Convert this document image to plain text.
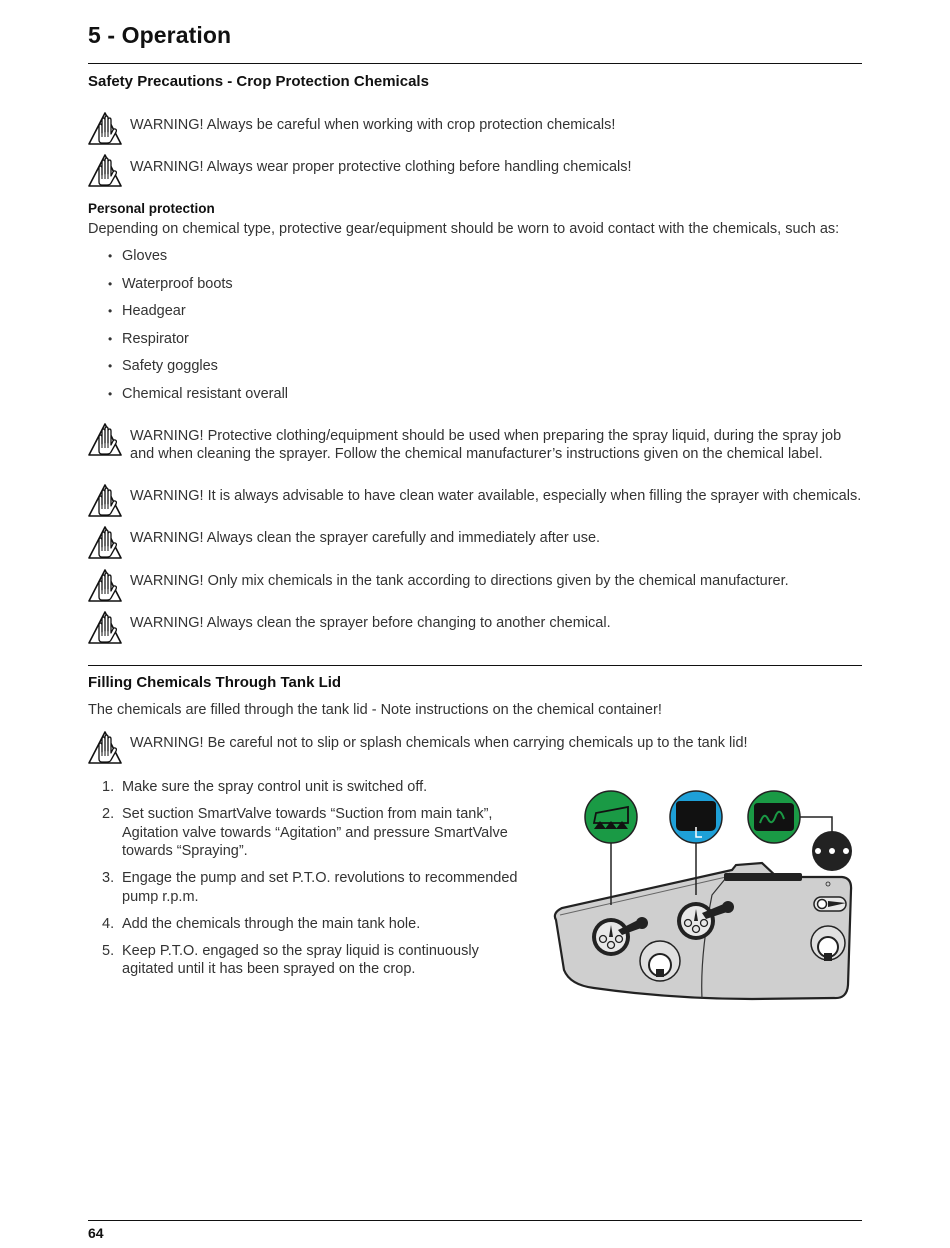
5 - Operation
Safety Precautions - Crop Protection Chemicals
WARNING! Always be careful when working with crop protection chemicals!
WARNING! Always wear proper protective clothing before handling chemicals!
Personal protection
Depending on chemical type, protective gear/equipment should be worn to avoid contact with the chemicals, such as:
• Gloves
• Waterproof boots
• Headgear
• Respirator
• Safety goggles
• Chemical resistant overall
WARNING! Protective clothing/equipment should be used when preparing the spray liquid, during the spray job and when cleaning the sprayer. Follow the chemical manufacturer’s instructions given on the chemical label.
WARNING! It is always advisable to have clean water available, especially when filling the sprayer with chemicals.
WARNING! Always clean the sprayer carefully and immediately after use.
WARNING! Only mix chemicals in the tank according to directions given by the chemical manufacturer.
WARNING! Always clean the sprayer before changing to another chemical.
Filling Chemicals Through Tank Lid
The chemicals are filled through the tank lid - Note instructions on the chemical container!
WARNING! Be careful not to slip or splash chemicals when carrying chemicals up to the tank lid!
1. Make sure the spray control unit is switched off.
2. Set suction SmartValve towards “Suction from main tank”, Agitation valve towards “Agitation” and pressure SmartValve towards “Spraying”.
3. Engage the pump and set P.T.O. revolutions to recommended pump r.p.m.
4. Add the chemicals through the main tank hole.
5. Keep P.T.O. engaged so the spray liquid is continuously agitated until it has been sprayed on the crop.
64
